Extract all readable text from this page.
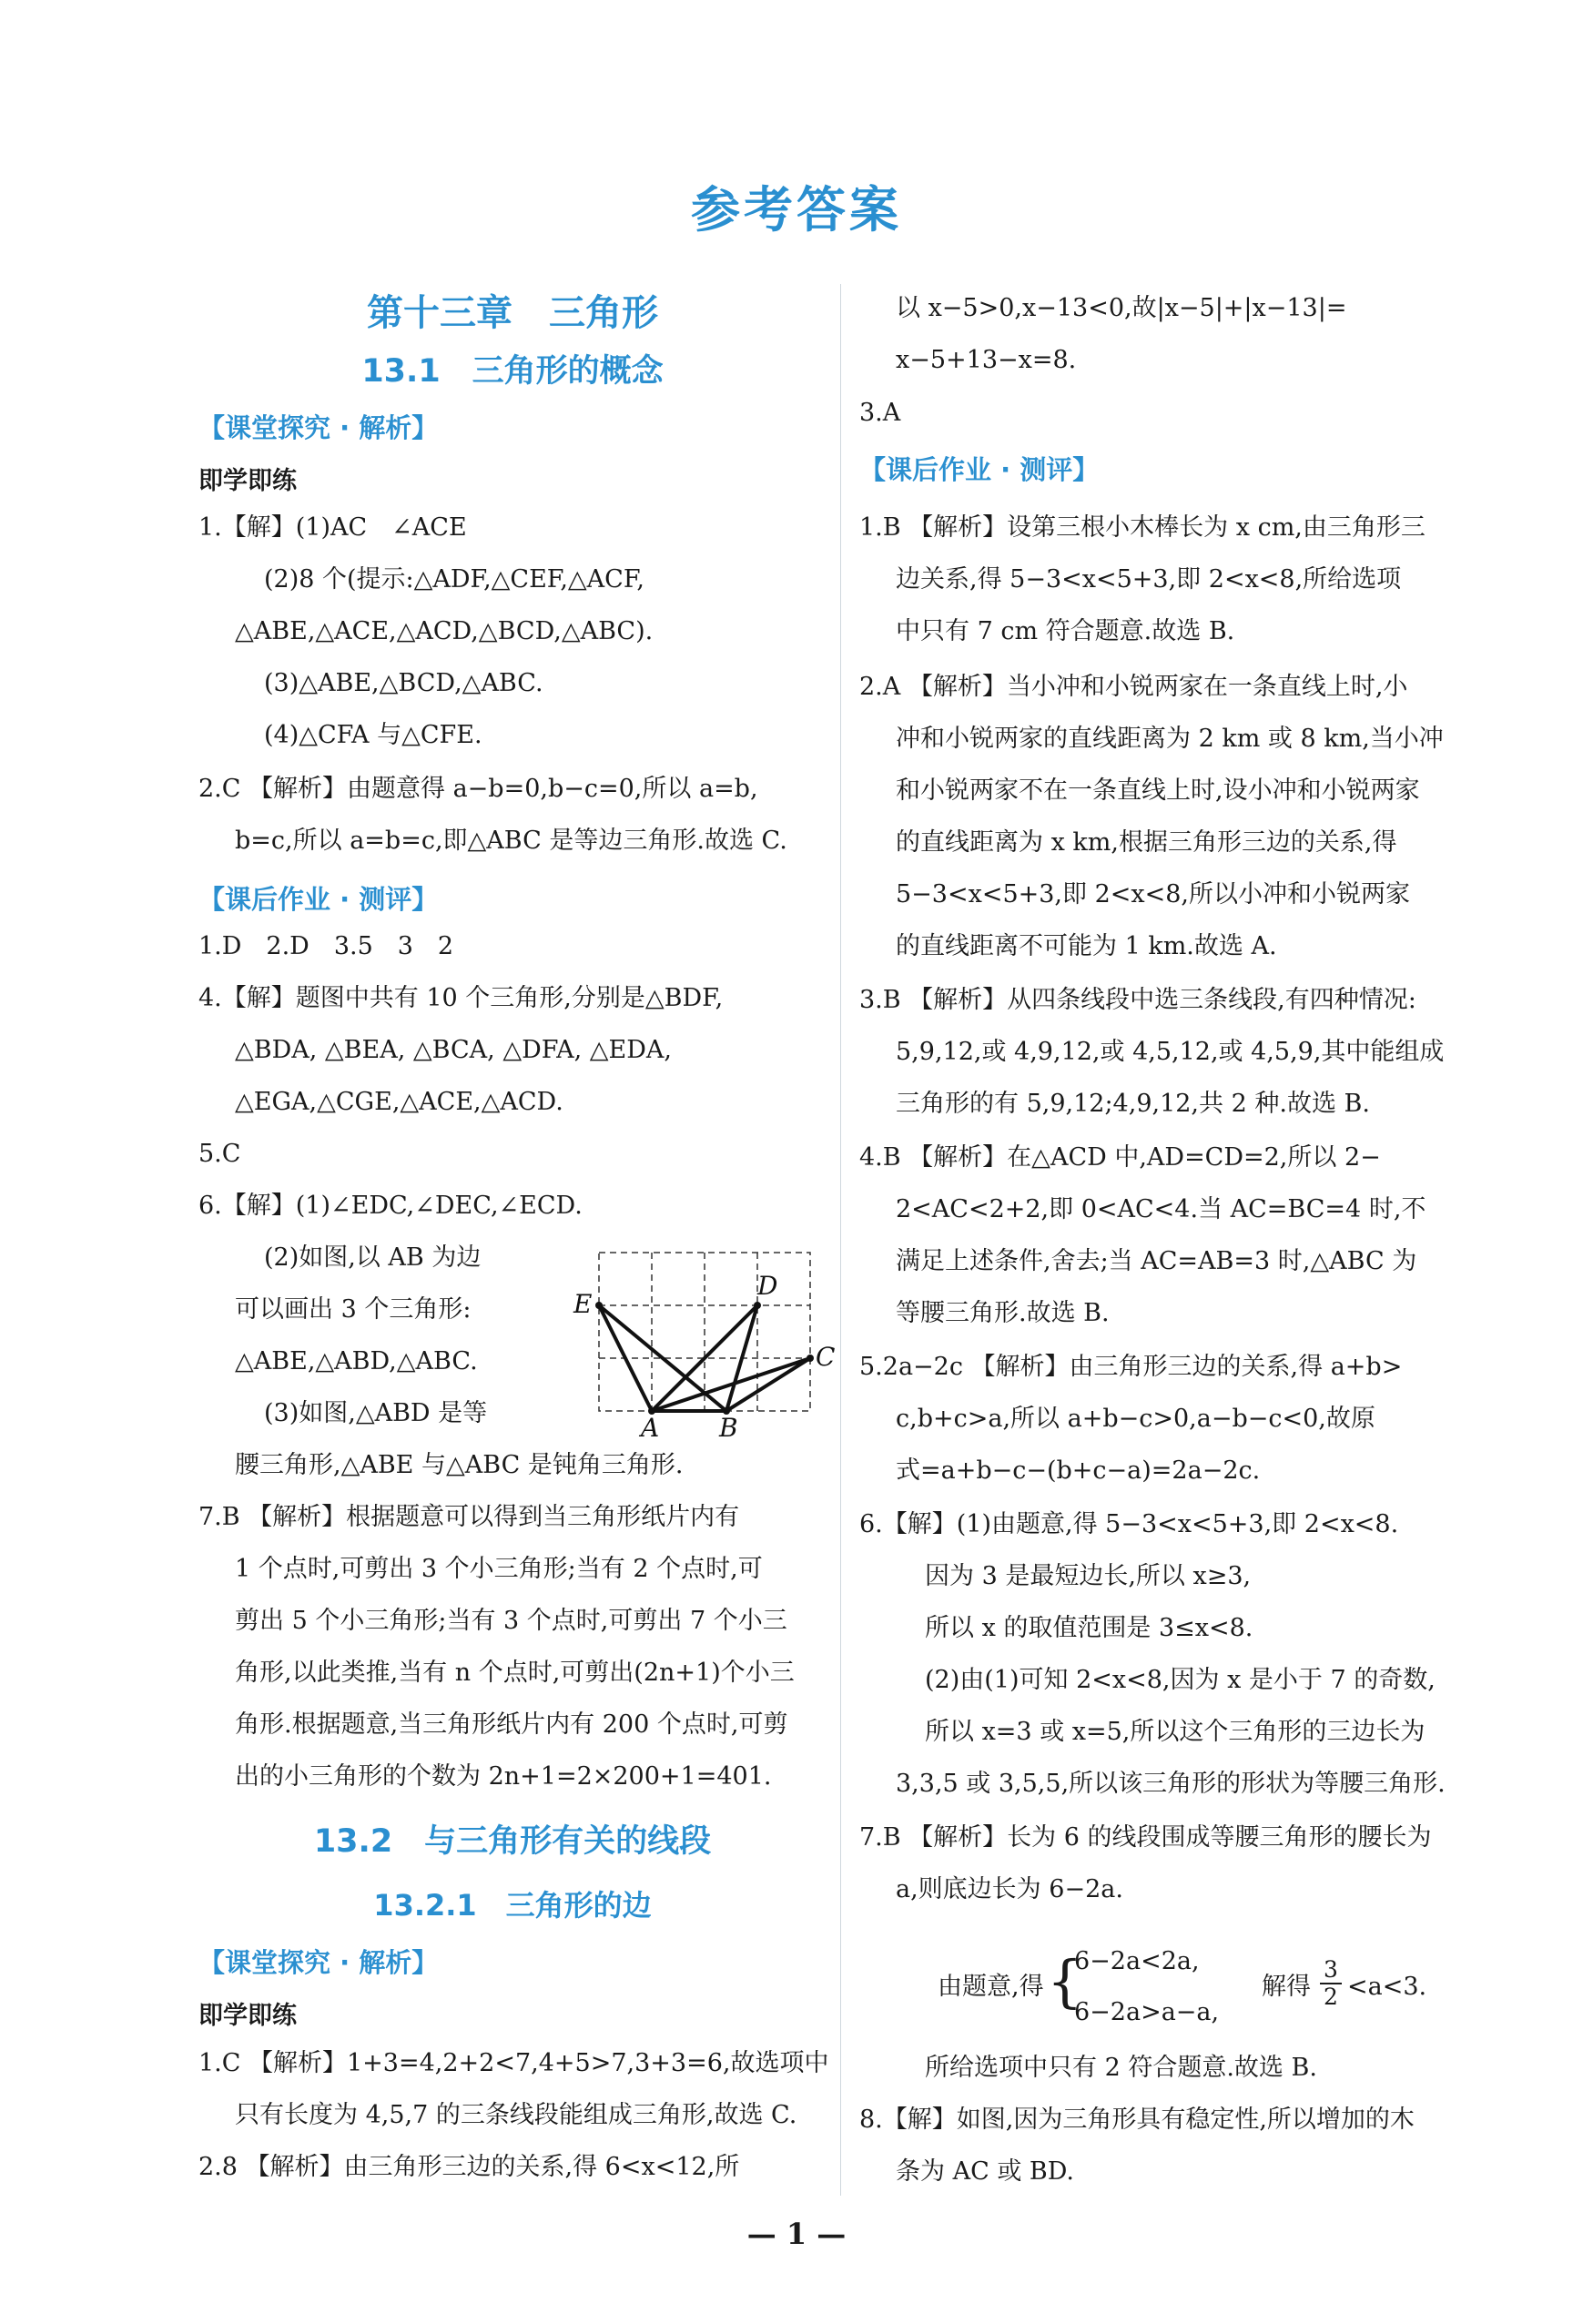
参考答案
第十三章　三角形
13.1　三角形的概念
【课堂探究 · 解析】
即学即练
1.【解】(1)AC　∠ACE
(2)8 个(提示:△ADF,△CEF,△ACF,
△ABE,△ACE,△ACD,△BCD,△ABC).
(3)△ABE,△BCD,△ABC.
(4)△CFA 与△CFE.
2.C 【解析】由题意得 a−b=0,b−c=0,所以 a=b,
b=c,所以 a=b=c,即△ABC 是等边三角形.故选 C.
【课后作业 · 测评】
1.D　2.D　3.5　3　2
4.【解】题图中共有 10 个三角形,分别是△BDF,
△BDA, △BEA, △BCA, △DFA, △EDA,
△EGA,△CGE,△ACE,△ACD.
5.C
6.【解】(1)∠EDC,∠DEC,∠ECD.
(2)如图,以 AB 为边
可以画出 3 个三角形:
△ABE,△ABD,△ABC.
(3)如图,△ABD 是等
腰三角形,△ABE 与△ABC 是钝角三角形.
7.B 【解析】根据题意可以得到当三角形纸片内有
1 个点时,可剪出 3 个小三角形;当有 2 个点时,可
剪出 5 个小三角形;当有 3 个点时,可剪出 7 个小三
角形,以此类推,当有 n 个点时,可剪出(2n+1)个小三
角形.根据题意,当三角形纸片内有 200 个点时,可剪
出的小三角形的个数为 2n+1=2×200+1=401.
13.2　与三角形有关的线段
13.2.1　三角形的边
【课堂探究 · 解析】
即学即练
1.C 【解析】1+3=4,2+2<7,4+5>7,3+3=6,故选项中
只有长度为 4,5,7 的三条线段能组成三角形,故选 C.
2.8 【解析】由三角形三边的关系,得 6<x<12,所
E
D
C
A B
以 x−5>0,x−13<0,故|x−5|+|x−13|=
x−5+13−x=8.
3.A
【课后作业 · 测评】
1.B 【解析】设第三根小木棒长为 x cm,由三角形三
边关系,得 5−3<x<5+3,即 2<x<8,所给选项
中只有 7 cm 符合题意.故选 B.
2.A 【解析】当小冲和小锐两家在一条直线上时,小
冲和小锐两家的直线距离为 2 km 或 8 km,当小冲
和小锐两家不在一条直线上时,设小冲和小锐两家
的直线距离为 x km,根据三角形三边的关系,得
5−3<x<5+3,即 2<x<8,所以小冲和小锐两家
的直线距离不可能为 1 km.故选 A.
3.B 【解析】从四条线段中选三条线段,有四种情况:
5,9,12,或 4,9,12,或 4,5,12,或 4,5,9,其中能组成
三角形的有 5,9,12;4,9,12,共 2 种.故选 B.
4.B 【解析】在△ACD 中,AD=CD=2,所以 2−
2<AC<2+2,即 0<AC<4.当 AC=BC=4 时,不
满足上述条件,舍去;当 AC=AB=3 时,△ABC 为
等腰三角形.故选 B.
5.2a−2c 【解析】由三角形三边的关系,得 a+b>
c,b+c>a,所以 a+b−c>0,a−b−c<0,故原
式=a+b−c−(b+c−a)=2a−2c.
6.【解】(1)由题意,得 5−3<x<5+3,即 2<x<8.
因为 3 是最短边长,所以 x≥3,
所以 x 的取值范围是 3≤x<8.
(2)由(1)可知 2<x<8,因为 x 是小于 7 的奇数,
所以 x=3 或 x=5,所以这个三角形的三边长为
3,3,5 或 3,5,5,所以该三角形的形状为等腰三角形.
7.B 【解析】长为 6 的线段围成等腰三角形的腰长为
a,则底边长为 6−2a.
由题意,得 {
6−2a<2a,
6−2a>a−a,
解得 $\frac{3}{2} <a<3$.
所给选项中只有 2 符合题意.故选 B.
8.【解】如图,因为三角形具有稳定性,所以增加的木
条为 AC 或 BD.
— 1 —
